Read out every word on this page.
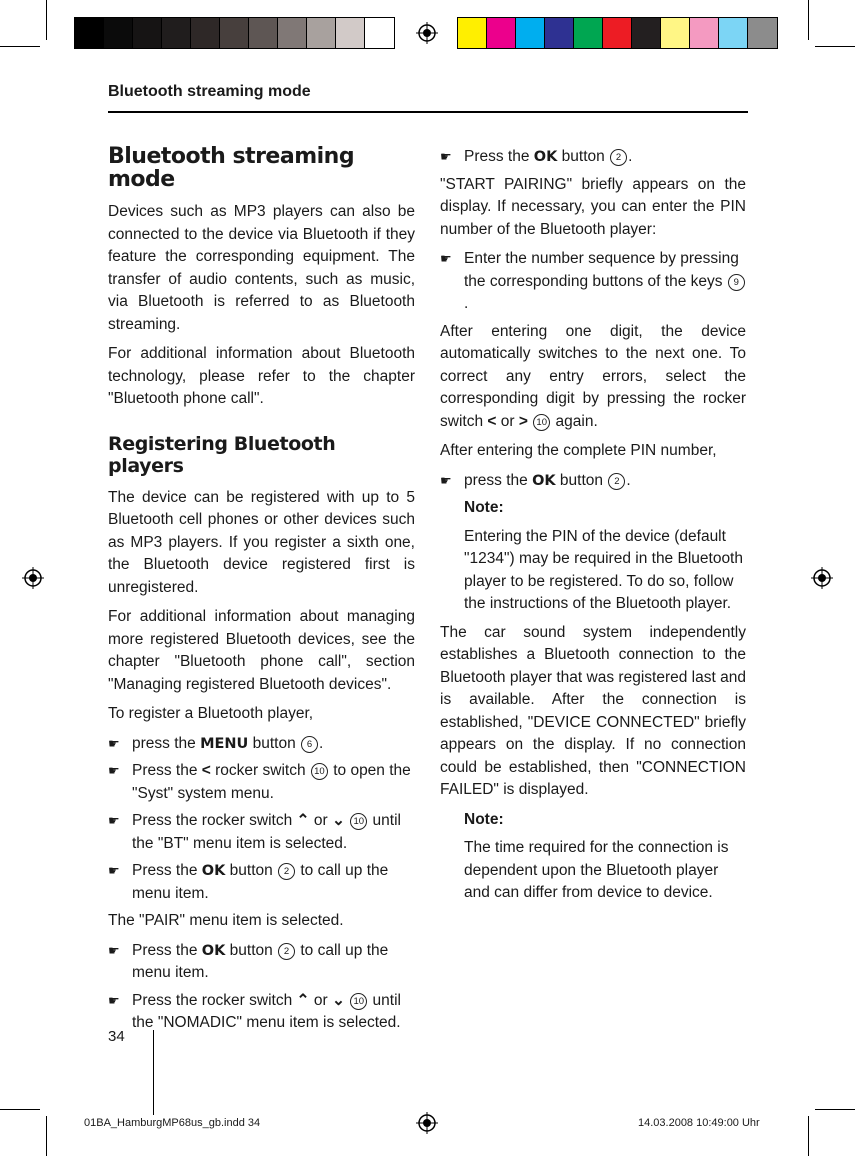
Bluetooth streaming mode
Bluetooth streaming mode

Devices such as MP3 players can also be connected to the device via Bluetooth if they feature the corresponding equipment. The transfer of audio contents, such as music, via Bluetooth is referred to as Bluetooth streaming.

For additional information about Bluetooth technology, please refer to the chapter "Bluetooth phone call".

Registering Bluetooth players

The device can be registered with up to 5 Bluetooth cell phones or other devices such as MP3 players. If you register a sixth one, the Bluetooth device registered first is unregistered.

For additional information about managing more registered Bluetooth devices, see the chapter "Bluetooth phone call", section "Managing registered Bluetooth devices".

To register a Bluetooth player,

☛ press the MENU button 6 .
☛ Press the < rocker switch 10 to open the "Syst" system menu.
☛ Press the rocker switch ⌃ or ⌄ 10 until the "BT" menu item is selected.
☛ Press the OK button 2 to call up the menu item.

The "PAIR" menu item is selected.

☛ Press the OK button 2 to call up the menu item.
☛ Press the rocker switch ⌃ or ⌄ 10 until the "NOMADIC" menu item is selected.
☛ Press the OK button 2 .

"START PAIRING" briefly appears on the display. If necessary, you can enter the PIN number of the Bluetooth player:

☛ Enter the number sequence by pressing the corresponding buttons of the keys 9.

After entering one digit, the device automatically switches to the next one. To correct any entry errors, select the corresponding digit by pressing the rocker switch < or > 10 again.

After entering the complete PIN number,

☛ press the OK button 2 .
Note:
Entering the PIN of the device (default "1234") may be required in the Bluetooth player to be registered. To do so, follow the instructions of the Bluetooth player.

The car sound system independently establishes a Bluetooth connection to the Bluetooth player that was registered last and is available. After the connection is established, "DEVICE CONNECTED" briefly appears on the display. If no connection could be established, then "CONNECTION FAILED" is displayed.

Note:
The time required for the connection is dependent upon the Bluetooth player and can differ from device to device.
34
01BA_HamburgMP68us_gb.indd 34	14.03.2008 10:49:00 Uhr
